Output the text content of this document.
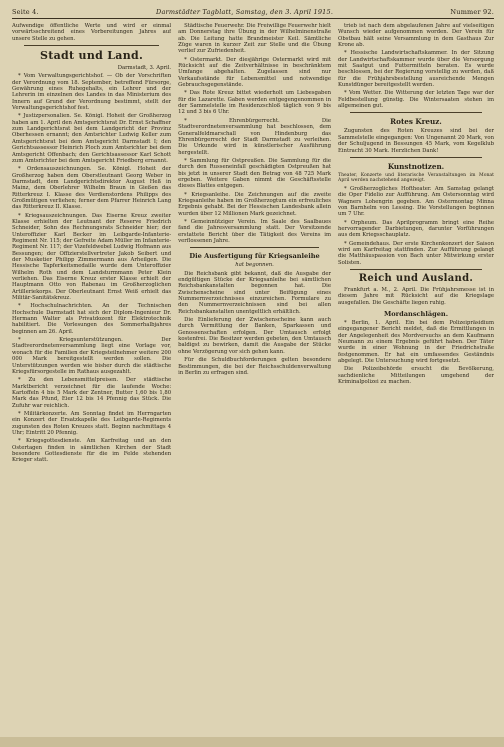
Seite 4.	Darmstädter Tagblatt, Samstag, den 3. April 1915.	Nummer 92.

Aufwendige öffentliche Werte und wird er einmal vorwärtsschreitend eines Vorbereitungen Jahres auf unsere Stelle zu gehen.

Stadt und Land.

Darmstadt, 3. April.

* Vom Verwaltungsgerichtshof. — Ob der Vorschriften der Verordnung vom 18. September, betreffend Fürsorge, Gewährung eines Ruhegehalts, ein Lehrer und der Lehrerin im einzelnen des Landes in das Ministerium des Innern auf Grund der Verordnung bestimmt, stellt der Verwaltungsgerichtshof fest.

* Justizpersonalien. Se. Königl. Hoheit der Großherzog haben am 1. April den Amtsgerichtsrat Dr. Ernst Schaffner zum Landgerichtsrat bei dem Landgericht der Provinz Oberhessen ernannt; den Amtsrichter Ludwig Keller zum Amtsgerichtsrat bei dem Amtsgericht Darmstadt I; den Gerichtsassessor Heinrich Ploch zum Amtsrichter bei dem Amtsgericht Offenbach; den Gerichtsassessor Karl Schott zum Amtsrichter bei dem Amtsgericht Friedberg ernannt.

* Ordensauszeichnungen. Se. Königl. Hoheit der Großherzog haben dem Oberstleutnant Georg Weber in Darmstadt, dem Landgerichtsdirektor August Heß in Mainz, dem Oberlehrer Wilhelm Braun in Gießen das Ritterkreuz I. Klasse des Verdienstordens Philipps des Großmütigen verliehen; ferner dem Pfarrer Heinrich Lang das Ritterkreuz II. Klasse.

* Kriegsauszeichnungen. Das Eiserne Kreuz zweiter Klasse erhielten der Leutnant der Reserve Friedrich Schneider, Sohn des Rechnungsrats Schneider hier; der Unteroffizier Karl Becker im Leibgarde-Infanterie-Regiment Nr. 115; der Gefreite Adam Müller im Infanterie-Regiment Nr. 117; der Vizefeldwebel Ludwig Hofmann aus Bessungen; der Offizierstellvertreter Jakob Seibert und der Musketier Philipp Zimmermann aus Arheilgen. Die Hessische Tapferkeitsmedaille wurde dem Unteroffizier Wilhelm Roth und dem Landsturmmann Peter Klein verliehen. Das Eiserne Kreuz erster Klasse erhielt der Hauptmann Otto von Rabenau im Großherzoglichen Artilleriekorps. Der Oberleutnant Ernst Weiß erhielt das Militär-Sanitätskreuz.

* Hochschulnachrichten. An der Technischen Hochschule Darmstadt hat sich der Diplom-Ingenieur Dr. Hermann Walter als Privatdozent für Elektrotechnik habilitiert. Die Vorlesungen des Sommerhalbjahres beginnen am 26. April.

* Kriegsunterstützungen. Der Stadtverordnetenversammlung liegt eine Vorlage vor, wonach für die Familien der Kriegsteilnehmer weitere 200 000 Mark bereitgestellt werden sollen. Die Unterstützungen werden wie bisher durch die städtische Kriegsfürsorgestelle im Rathaus ausgezahlt.

* Zu den Lebensmittelpreisen. Der städtische Marktbericht verzeichnet für die laufende Woche: Kartoffeln 4 bis 5 Mark der Zentner, Butter 1,60 bis 1,80 Mark das Pfund, Eier 12 bis 14 Pfennig das Stück. Die Zufuhr war reichlich.

* Militärkonzerte. Am Sonntag findet im Herrngarten ein Konzert der Ersatzkapelle des Leibgarde-Regiments zugunsten des Roten Kreuzes statt. Beginn nachmittags 4 Uhr; Eintritt 20 Pfennig.

* Kriegsgottesdienste. Am Karfreitag und an den Ostertagen finden in sämtlichen Kirchen der Stadt besondere Gottesdienste für die im Felde stehenden Krieger statt.

Städtische Feuerwehr. Die Freiwillige Feuerwehr hielt am Donnerstag ihre Übung in der Wilhelminenstraße ab. Die Leitung hatte Brandmeister Keil. Sämtliche Züge waren in kurzer Zeit zur Stelle und die Übung verlief zur Zufriedenheit.

* Ostermarkt. Der diesjährige Ostermarkt wird mit Rücksicht auf die Zeitverhältnisse in beschränktem Umfange abgehalten. Zugelassen sind nur Verkaufsstände für Lebensmittel und notwendige Gebrauchsgegenstände.

* Das Rote Kreuz bittet wiederholt um Liebesgaben für die Lazarette. Gaben werden entgegengenommen in der Sammelstelle im Residenzschloß täglich von 9 bis 12 und 3 bis 6 Uhr.

* Ehrenbürgerrecht. Die Stadtverordnetenversammlung hat beschlossen, dem Generalfeldmarschall von Hindenburg das Ehrenbürgerrecht der Stadt Darmstadt zu verleihen. Die Urkunde wird in künstlerischer Ausführung hergestellt.

* Sammlung für Ostpreußen. Die Sammlung für die durch den Russeneinfall geschädigten Ostpreußen hat bis jetzt in unserer Stadt den Betrag von 48 725 Mark ergeben. Weitere Gaben nimmt die Geschäftsstelle dieses Blattes entgegen.

* Kriegsanleihe. Die Zeichnungen auf die zweite Kriegsanleihe haben im Großherzogtum ein erfreuliches Ergebnis gehabt. Bei der Hessischen Landesbank allein wurden über 12 Millionen Mark gezeichnet.

* Gemeinnütziger Verein. Im Saale des Saalbaues fand die Jahresversammlung statt. Der Vorsitzende erstattete Bericht über die Tätigkeit des Vereins im verflossenen Jahre.

Die Ausfertigung für Kriegsanleihe

hat begonnen.

Die Reichsbank gibt bekannt, daß die Ausgabe der endgültigen Stücke der Kriegsanleihe bei sämtlichen Reichsbankanstalten begonnen hat. Die Zwischenscheine sind unter Beifügung eines Nummernverzeichnisses einzureichen. Formulare zu den Nummernverzeichnissen sind bei allen Reichsbankanstalten unentgeltlich erhältlich.

Die Einlieferung der Zwischenscheine kann auch durch Vermittlung der Banken, Sparkassen und Genossenschaften erfolgen. Der Umtausch erfolgt kostenfrei. Die Besitzer werden gebeten, den Umtausch baldigst zu bewirken, damit die Ausgabe der Stücke ohne Verzögerung vor sich gehen kann.

Für die Schuldbuchforderungen gelten besondere Bestimmungen, die bei der Reichsschuldenverwaltung in Berlin zu erfragen sind.

trieb ist nach dem abgelaufenen Jahre auf vielseitigen Wunsch wieder aufgenommen worden. Der Verein für Obstbau hält seine Versammlung in dem Gasthaus Zur Krone ab.

* Hessische Landwirtschaftskammer. In der Sitzung der Landwirtschaftskammer wurde über die Versorgung mit Saatgut und Futtermitteln beraten. Es wurde beschlossen, bei der Regierung vorstellig zu werden, daß für die Frühjahrsbestellung ausreichende Mengen Kunstdünger bereitgestellt werden.

* Vom Wetter. Die Witterung der letzten Tage war der Feldbestellung günstig. Die Wintersaaten stehen im allgemeinen gut.

Rotes Kreuz.

Zugunsten des Roten Kreuzes sind bei der Sammelstelle eingegangen: Von Ungenannt 20 Mark, von der Schuljugend in Bessungen 45 Mark, vom Kegelklub Eintracht 30 Mark. Herzlichen Dank!

Kunstnotizen.

Theater, Konzerte und literarische Veranstaltungen im Monat April werden nachstehend angezeigt.

* Großherzogliches Hoftheater. Am Samstag gelangt die Oper Fidelio zur Aufführung. Am Ostersonntag wird Wagners Lohengrin gegeben. Am Ostermontag Minna von Barnhelm von Lessing. Die Vorstellungen beginnen um 7 Uhr.

* Orpheum. Das Aprilprogramm bringt eine Reihe hervorragender Darbietungen, darunter Vorführungen aus dem Kriegsschauplatz.

* Gemeindehaus. Der erste Kirchenkonzert der Saison wird am Karfreitag stattfinden. Zur Aufführung gelangt die Matthäuspassion von Bach unter Mitwirkung erster Solisten.

Reich und Ausland.

Frankfurt a. M., 2. April. Die Frühjahrsmesse ist in diesem Jahre mit Rücksicht auf die Kriegslage ausgefallen. Die Geschäfte liegen ruhig.

Mordanschlägen.

* Berlin, 1. April. Ein bei dem Polizeipräsidium eingegangener Bericht meldet, daß die Ermittlungen in der Angelegenheit des Mordversuchs an dem Kaufmann Neumann zu einem Ergebnis geführt haben. Der Täter wurde in einer Wohnung in der Friedrichstraße festgenommen. Er hat ein umfassendes Geständnis abgelegt. Die Untersuchung wird fortgesetzt.

Die Polizeibehörde ersucht die Bevölkerung, sachdienliche Mitteilungen umgehend der Kriminalpolizei zu machen.
